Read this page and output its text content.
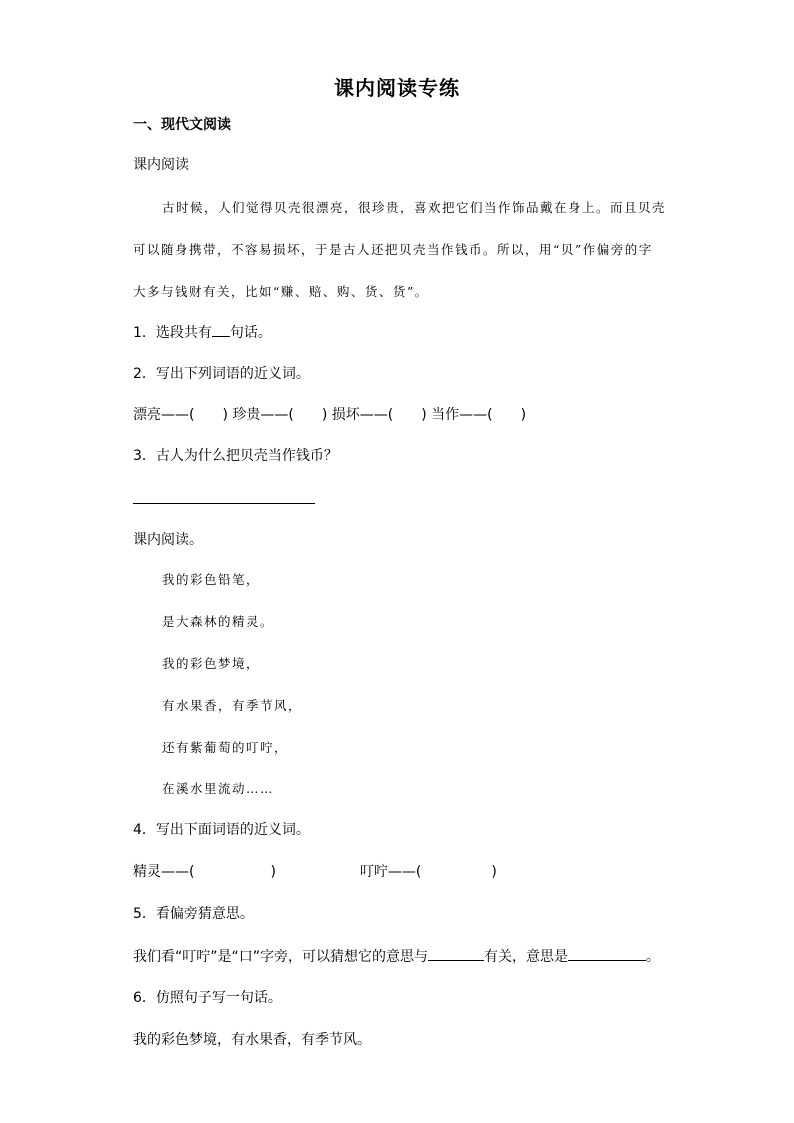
课内阅读专练
一、现代文阅读
课内阅读
古时候，人们觉得贝壳很漂亮，很珍贵，喜欢把它们当作饰品戴在身上。而且贝壳
可以随身携带，不容易损坏，于是古人还把贝壳当作钱币。所以，用“贝”作偏旁的字
大多与钱财有关，比如“赚、赔、购、货、货”。
1．选段共有 句话。
2．写出下列词语的近义词。
漂亮——( ) 珍贵——( ) 损坏——( ) 当作——( )
3．古人为什么把贝壳当作钱币？
课内阅读。
我的彩色铅笔，
是大森林的精灵。
我的彩色梦境，
有水果香，有季节风，
还有紫葡萄的叮咛，
在溪水里流动……
4．写出下面词语的近义词。
精灵——(	)	叮咛——(	)
5．看偏旁猜意思。
我们看“叮咛”是“口”字旁，可以猜想它的意思与	有关，意思是	。
6．仿照句子写一句话。
我的彩色梦境，有水果香，有季节风。
